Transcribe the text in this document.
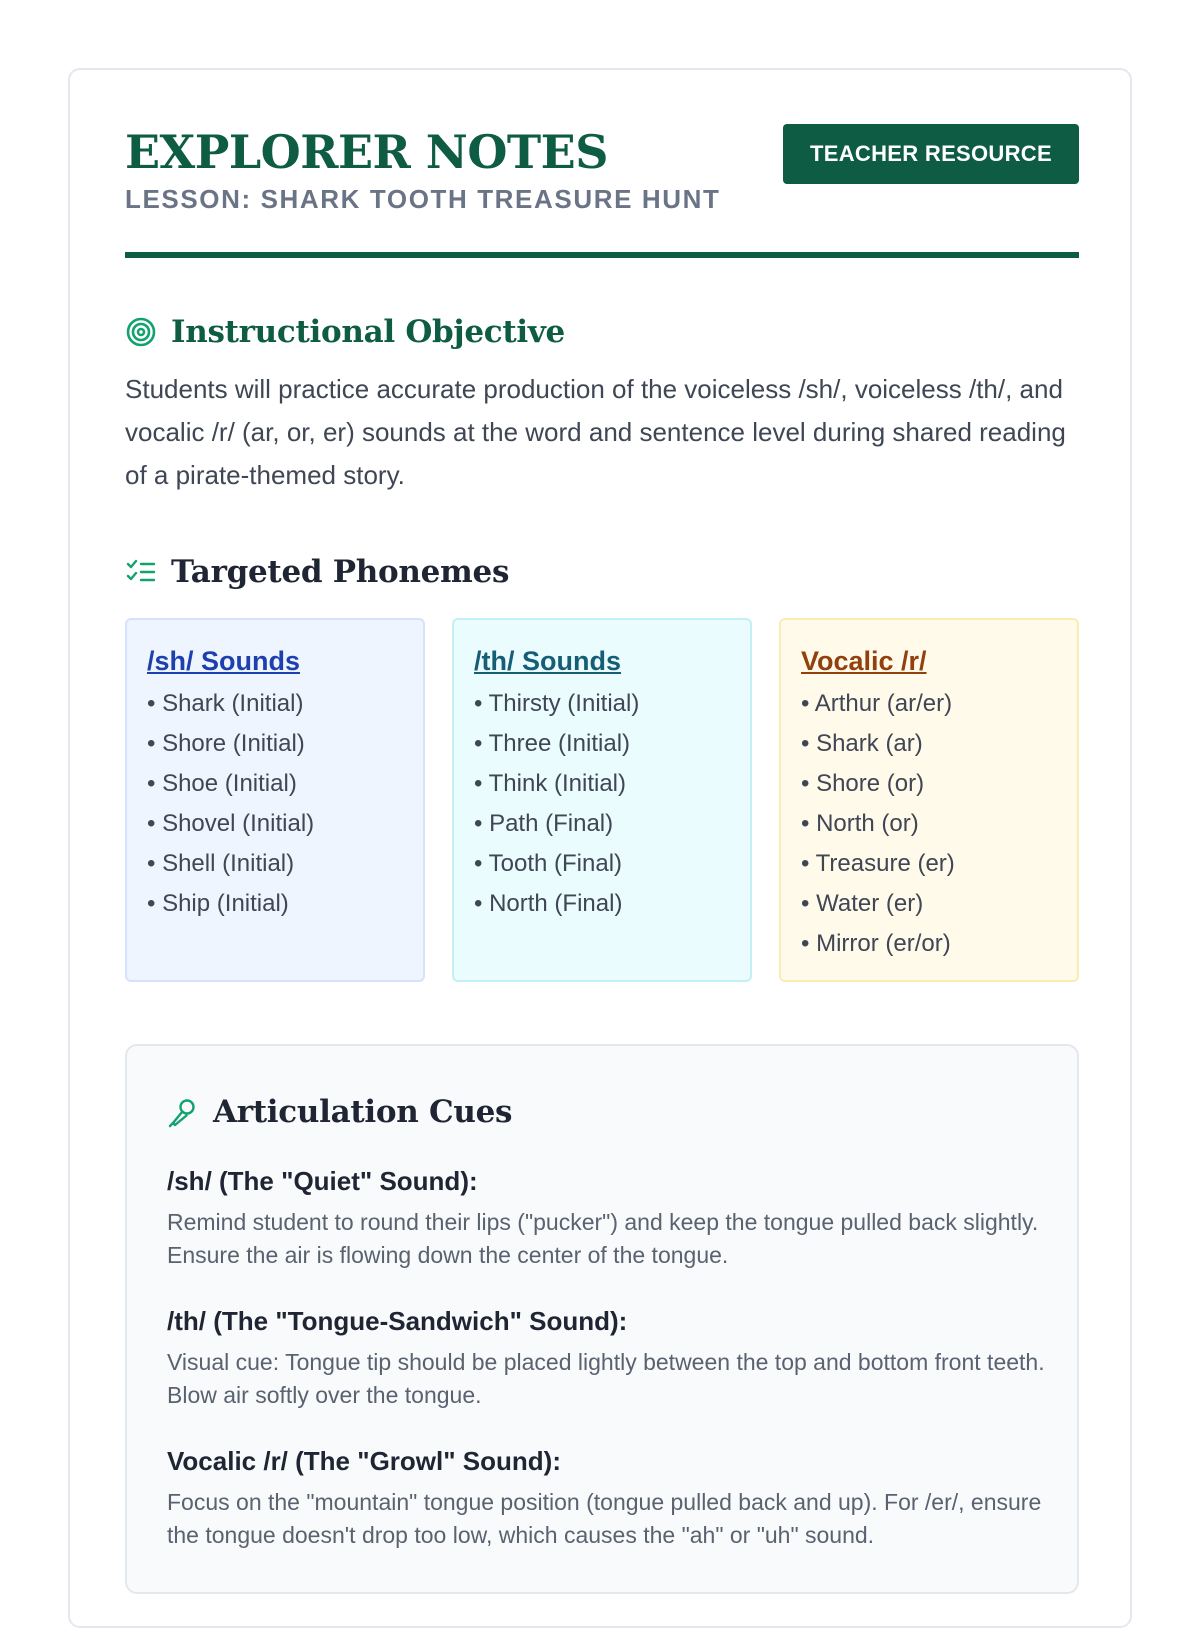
EXPLORER NOTES
LESSON: SHARK TOOTH TREASURE HUNT
TEACHER RESOURCE
Instructional Objective
Students will practice accurate production of the voiceless /sh/, voiceless /th/, and vocalic /r/ (ar, or, er) sounds at the word and sentence level during shared reading of a pirate-themed story.
Targeted Phonemes
/sh/ Sounds
• Shark (Initial)
• Shore (Initial)
• Shoe (Initial)
• Shovel (Initial)
• Shell (Initial)
• Ship (Initial)
/th/ Sounds
• Thirsty (Initial)
• Three (Initial)
• Think (Initial)
• Path (Final)
• Tooth (Final)
• North (Final)
Vocalic /r/
• Arthur (ar/er)
• Shark (ar)
• Shore (or)
• North (or)
• Treasure (er)
• Water (er)
• Mirror (er/or)
Articulation Cues
/sh/ (The "Quiet" Sound):
Remind student to round their lips ("pucker") and keep the tongue pulled back slightly. Ensure the air is flowing down the center of the tongue.
/th/ (The "Tongue-Sandwich" Sound):
Visual cue: Tongue tip should be placed lightly between the top and bottom front teeth. Blow air softly over the tongue.
Vocalic /r/ (The "Growl" Sound):
Focus on the "mountain" tongue position (tongue pulled back and up). For /er/, ensure the tongue doesn't drop too low, which causes the "ah" or "uh" sound.
